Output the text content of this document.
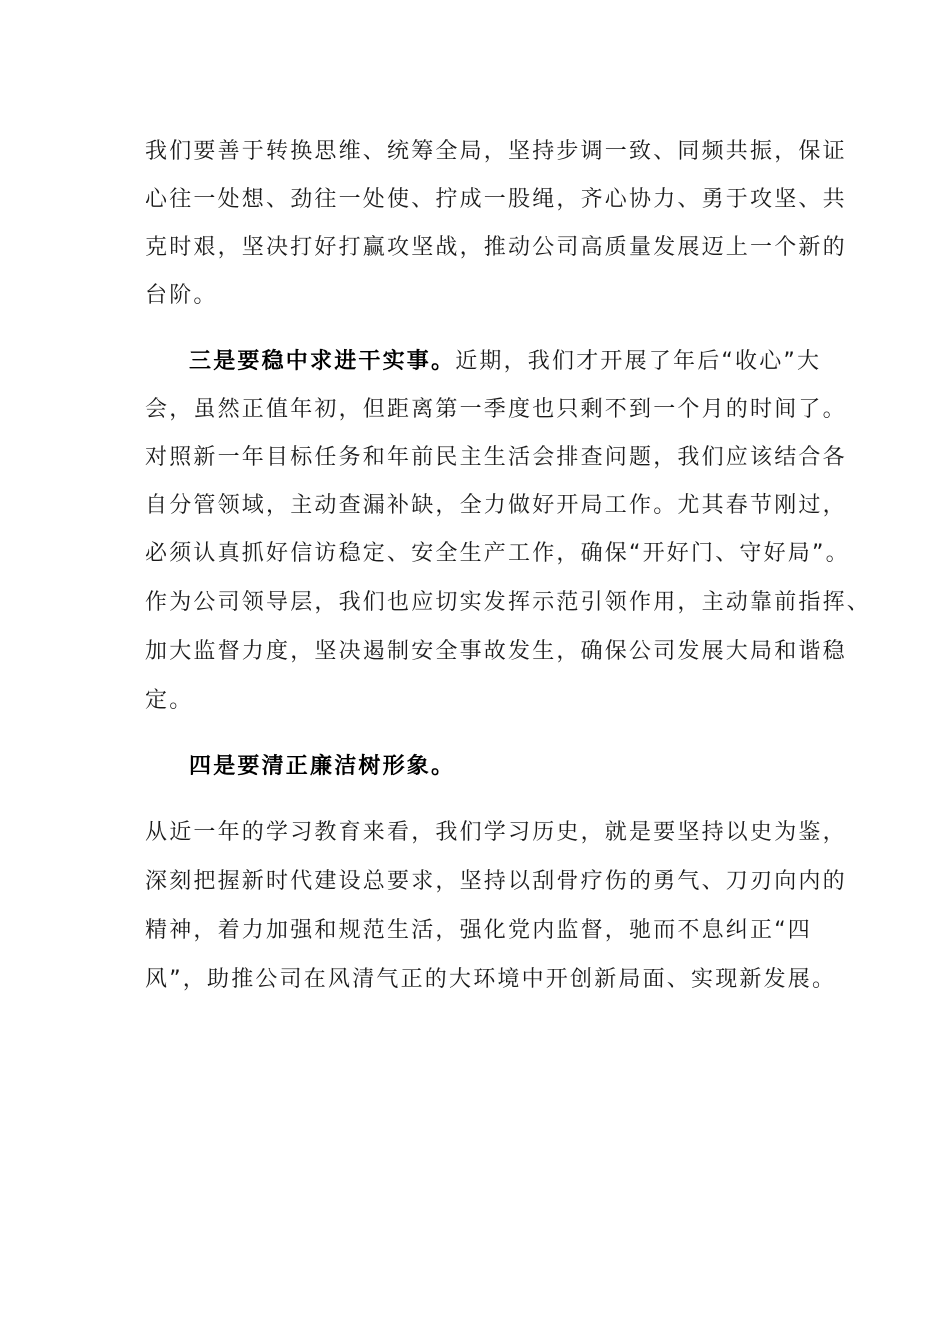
我们要善于转换思维、统筹全局，坚持步调一致、同频共振，保证
心往一处想、劲往一处使、拧成一股绳，齐心协力、勇于攻坚、共
克时艰，坚决打好打赢攻坚战，推动公司高质量发展迈上一个新的
台阶。
三是要稳中求进干实事。近期，我们才开展了年后“收心”大
会，虽然正值年初，但距离第一季度也只剩不到一个月的时间了。
对照新一年目标任务和年前民主生活会排查问题，我们应该结合各
自分管领域，主动查漏补缺，全力做好开局工作。尤其春节刚过，
必须认真抓好信访稳定、安全生产工作，确保“开好门、守好局”。
作为公司领导层，我们也应切实发挥示范引领作用，主动靠前指挥、
加大监督力度，坚决遏制安全事故发生，确保公司发展大局和谐稳
定。
四是要清正廉洁树形象。
从近一年的学习教育来看，我们学习历史，就是要坚持以史为鉴，
深刻把握新时代建设总要求，坚持以刮骨疗伤的勇气、刀刃向内的
精神，着力加强和规范生活，强化党内监督，驰而不息纠正“四
风”，助推公司在风清气正的大环境中开创新局面、实现新发展。
